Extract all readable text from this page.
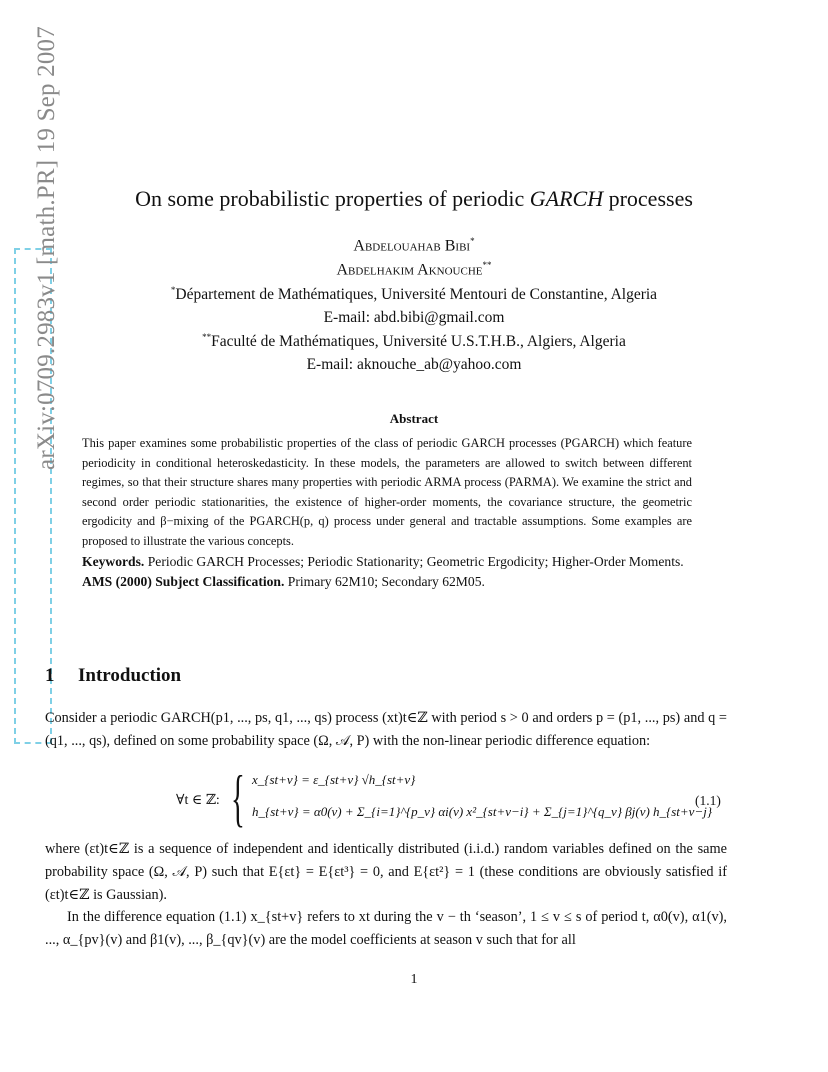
arXiv:0709.2983v1 [math.PR] 19 Sep 2007	On some probabilistic properties of periodic GARCH processes
Abdelouahab Bibi*
Abdelhakim Aknouche**
*Département de Mathématiques, Université Mentouri de Constantine, Algeria
E-mail: abd.bibi@gmail.com
**Faculté de Mathématiques, Université U.S.T.H.B., Algiers, Algeria
E-mail: aknouche_ab@yahoo.com
Abstract

This paper examines some probabilistic properties of the class of periodic GARCH processes (PGARCH) which feature periodicity in conditional heteroskedasticity. In these models, the parameters are allowed to switch between different regimes, so that their structure shares many properties with periodic ARMA process (PARMA). We examine the strict and second order periodic stationarities, the existence of higher-order moments, the covariance structure, the geometric ergodicity and β−mixing of the PGARCH(p, q) process under general and tractable assumptions. Some examples are proposed to illustrate the various concepts.

Keywords. Periodic GARCH Processes; Periodic Stationarity; Geometric Ergodicity; Higher-Order Moments.

AMS (2000) Subject Classification. Primary 62M10; Secondary 62M05.

1 Introduction

Consider a periodic GARCH(p1, ..., ps, q1, ..., qs) process (xt)t∈ℤ with period s > 0 and orders p = (p1, ..., ps) and q = (q1, ..., qs), defined on some probability space (Ω, 𝒜, P) with the non-linear periodic difference equation:

∀t ∈ ℤ: { x_{st+v} = ε_{st+v} √h_{st+v}
h_{st+v} = α0(v) + Σ_{i=1}^{p_v} αi(v) x²_{st+v−i} + Σ_{j=1}^{q_v} βj(v) h_{st+v−j}
(1.1)

where (εt)t∈ℤ is a sequence of independent and identically distributed (i.i.d.) random variables defined on the same probability space (Ω, 𝒜, P) such that E{εt} = E{εt³} = 0, and E{εt²} = 1 (these conditions are obviously satisfied if (εt)t∈ℤ is Gaussian).

In the difference equation (1.1) x_{st+v} refers to xt during the v − th ‘season’, 1 ≤ v ≤ s of period t, α0(v), α1(v), ..., α_{pv}(v) and β1(v), ..., β_{qv}(v) are the model coefficients at season v such that for all

1
